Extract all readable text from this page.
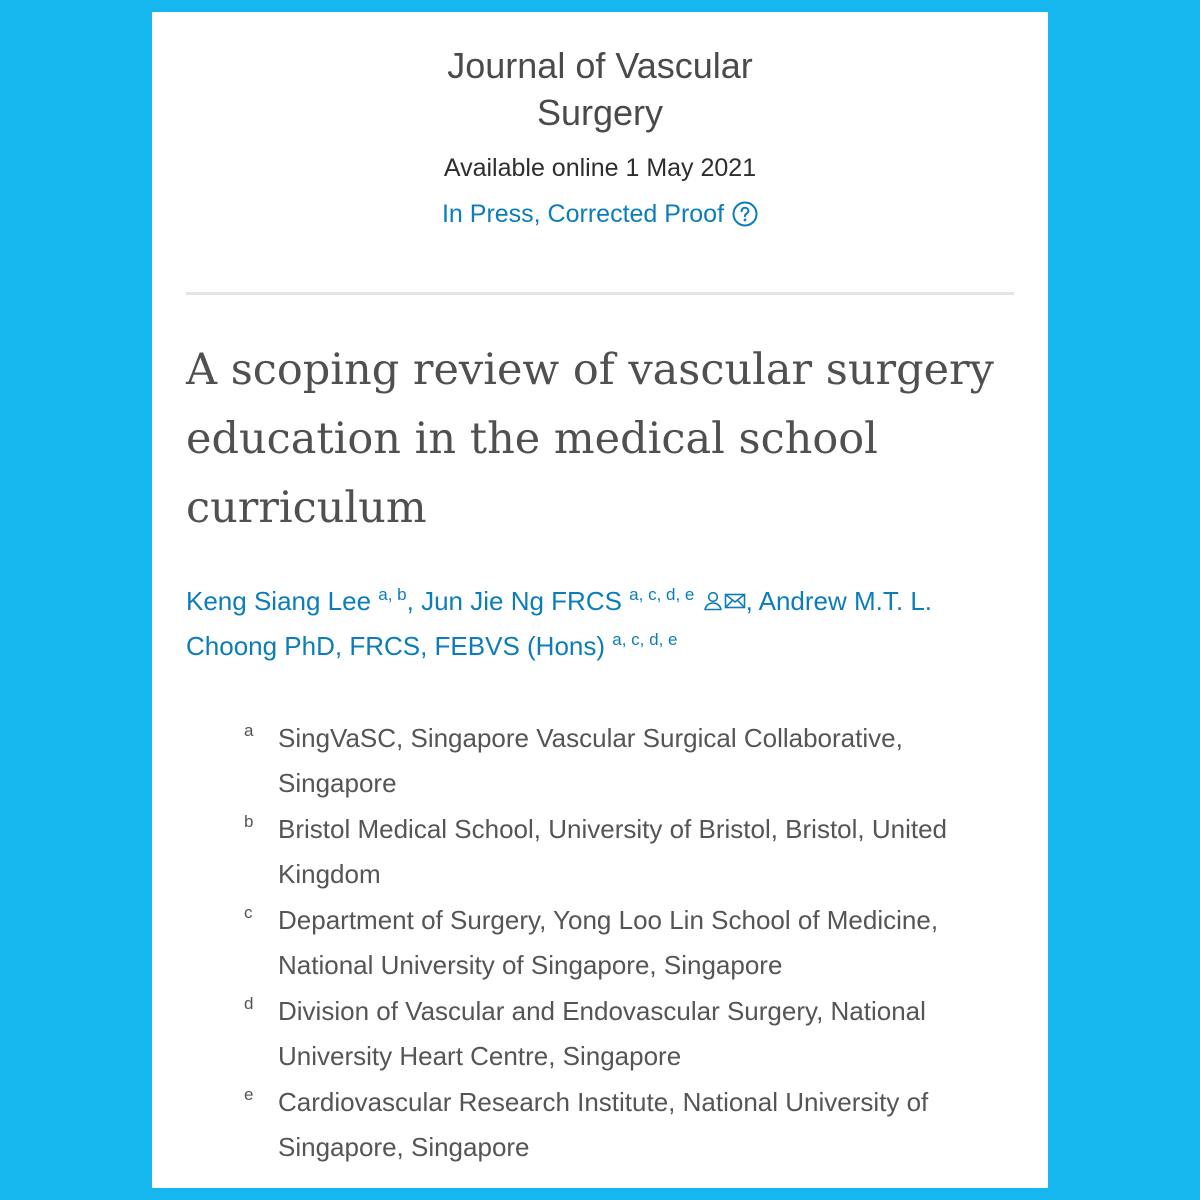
Journal of Vascular
Surgery
Available online 1 May 2021
In Press, Corrected Proof
A scoping review of vascular surgery
education in the medical school
curriculum
Keng Siang Lee $^{a, b}$, Jun Jie Ng FRCS $^{a, c, d, e}$ , Andrew M.T. L.
Choong PhD, FRCS, FEBVS (Hons) $^{a, c, d, e}$
a SingVaSC, Singapore Vascular Surgical Collaborative,
Singapore
b Bristol Medical School, University of Bristol, Bristol, United
Kingdom
c Department of Surgery, Yong Loo Lin School of Medicine,
National University of Singapore, Singapore
d Division of Vascular and Endovascular Surgery, National
University Heart Centre, Singapore
e Cardiovascular Research Institute, National University of
Singapore, Singapore
